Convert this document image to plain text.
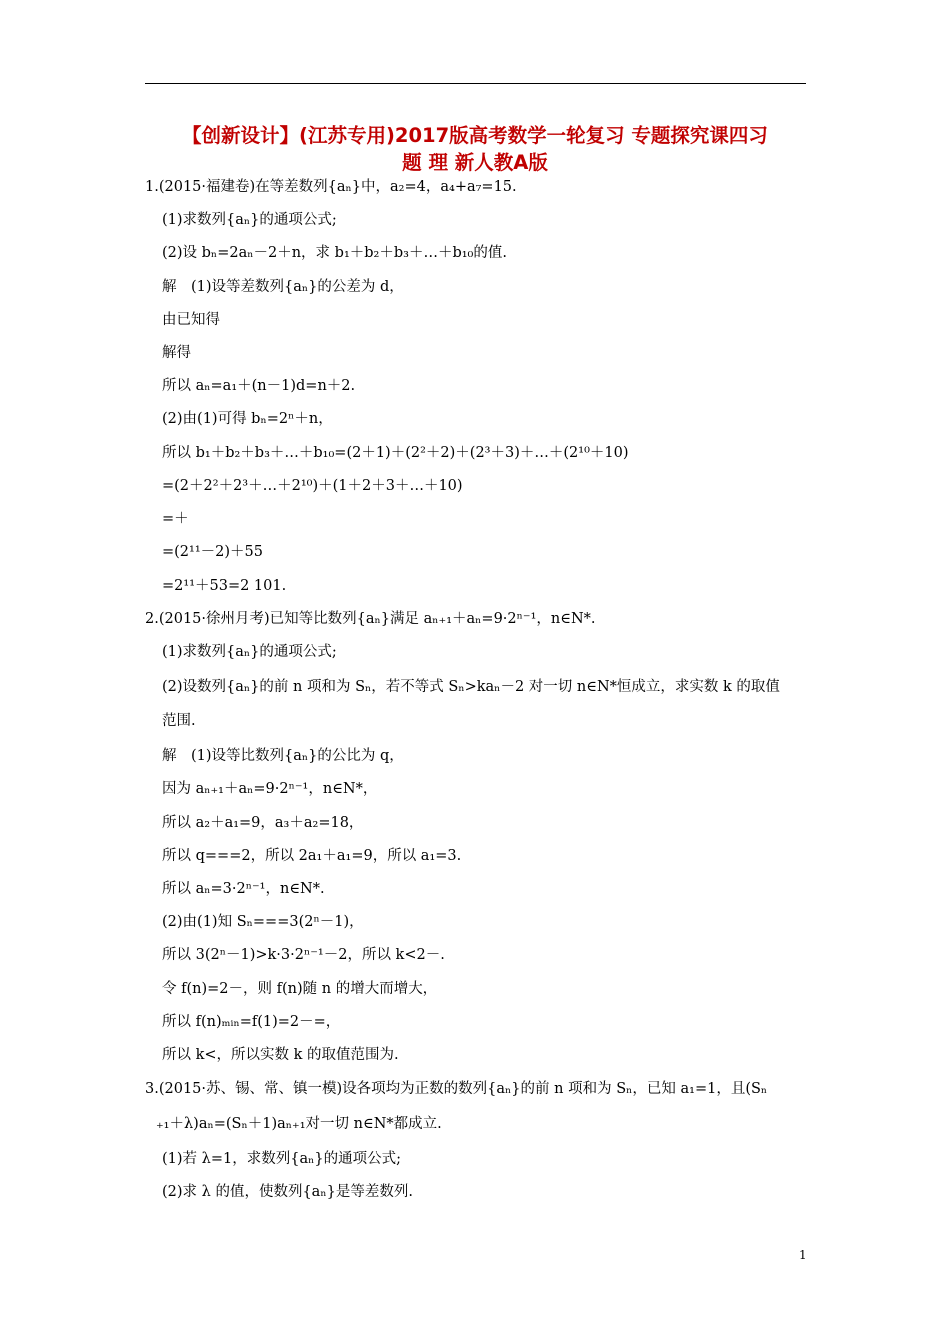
【创新设计】(江苏专用)2017版高考数学一轮复习 专题探究课四习
题 理 新人教A版
1.(2015·福建卷)在等差数列{aₙ}中，a₂=4，a₄+a₇=15.
(1)求数列{aₙ}的通项公式;
(2)设 bₙ=2aₙ－2＋n，求 b₁＋b₂＋b₃＋…＋b₁₀的值.
解　(1)设等差数列{aₙ}的公差为 d，
由已知得
解得
所以 aₙ=a₁＋(n－1)d=n＋2.
(2)由(1)可得 bₙ=2ⁿ＋n，
所以 b₁＋b₂＋b₃＋…＋b₁₀=(2＋1)＋(2²＋2)＋(2³＋3)＋…＋(2¹⁰＋10)
=(2＋2²＋2³＋…＋2¹⁰)＋(1＋2＋3＋…＋10)
=＋
=(2¹¹－2)＋55
=2¹¹＋53=2 101.
2.(2015·徐州月考)已知等比数列{aₙ}满足 aₙ₊₁＋aₙ=9·2ⁿ⁻¹，n∈N*.
(1)求数列{aₙ}的通项公式;
(2)设数列{aₙ}的前 n 项和为 Sₙ，若不等式 Sₙ>kaₙ－2 对一切 n∈N*恒成立，求实数 k 的取值
范围.
解　(1)设等比数列{aₙ}的公比为 q，
因为 aₙ₊₁＋aₙ=9·2ⁿ⁻¹，n∈N*，
所以 a₂＋a₁=9，a₃＋a₂=18，
所以 q===2，所以 2a₁＋a₁=9，所以 a₁=3.
所以 aₙ=3·2ⁿ⁻¹，n∈N*.
(2)由(1)知 Sₙ===3(2ⁿ－1)，
所以 3(2ⁿ－1)>k·3·2ⁿ⁻¹－2，所以 k<2－.
令 f(n)=2－，则 f(n)随 n 的增大而增大，
所以 f(n)ₘᵢₙ=f(1)=2－=，
所以 k<，所以实数 k 的取值范围为.
3.(2015·苏、锡、常、镇一模)设各项均为正数的数列{aₙ}的前 n 项和为 Sₙ，已知 a₁=1，且(Sₙ
₊₁＋λ)aₙ=(Sₙ＋1)aₙ₊₁对一切 n∈N*都成立.
(1)若 λ=1，求数列{aₙ}的通项公式;
(2)求 λ 的值，使数列{aₙ}是等差数列.
1
